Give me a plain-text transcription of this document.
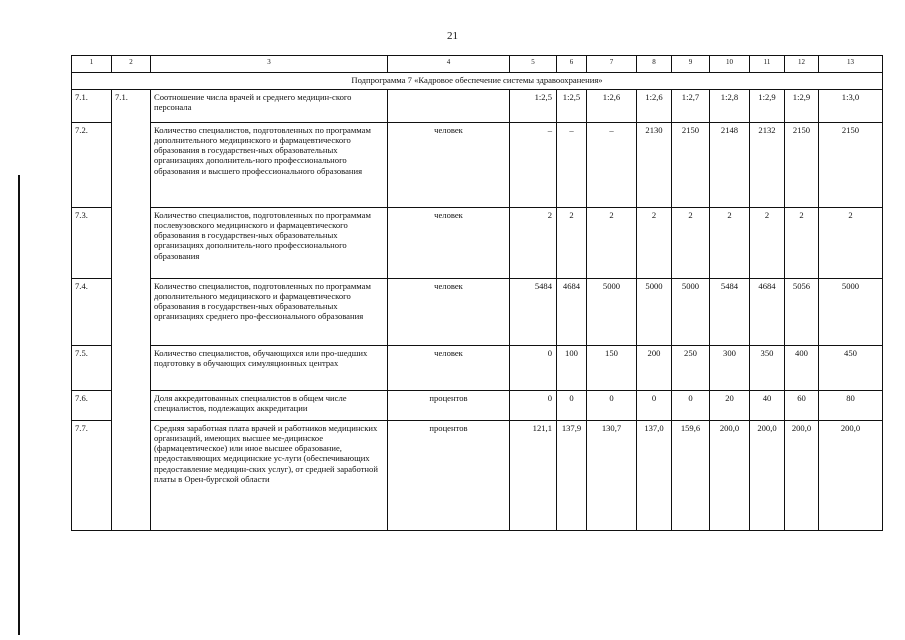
21
1	2	3	4	5	6	7	8	9	10	11	12	13
Подпрограмма 7 «Кадровое обеспечение системы здравоохранения»												
7.1.	7.1.	Соотношение числа врачей и среднего медицин-ского персонала		1:2,5	1:2,5	1:2,6	1:2,6	1:2,7	1:2,8	1:2,9	1:2,9	1:3,0
7.2.		Количество специалистов, подготовленных по программам дополнительного медицинского и фармацевтического образования в государствен-ных образовательных организациях дополнитель-ного профессионального образования и высшего профессионального образования	человек	–	–	–	2130	2150	2148	2132	2150	2150
7.3.		Количество специалистов, подготовленных по программам послевузовского медицинского и фармацевтического образования в государствен-ных образовательных организациях дополнитель-ного профессионального образования	человек	2	2	2	2	2	2	2	2	2
7.4.		Количество специалистов, подготовленных по программам дополнительного медицинского и фармацевтического образования в государствен-ных образовательных организациях среднего про-фессионального образования	человек	5484	4684	5000	5000	5000	5484	4684	5056	5000
7.5.		Количество специалистов, обучающихся или про-шедших подготовку в обучающих симуляционных центрах	человек	0	100	150	200	250	300	350	400	450
7.6.		Доля аккредитованных специалистов в общем числе специалистов, подлежащих аккредитации	процентов	0	0	0	0	0	20	40	60	80
7.7.		Средняя заработная плата врачей и работников медицинских организаций, имеющих высшее ме-дицинское (фармацевтическое) или иное высшее образование, предоставляющих медицинские ус-луги (обеспечивающих предоставление медицин-ских услуг), от средней заработной платы в Орен-бургской области	процентов	121,1	137,9	130,7	137,0	159,6	200,0	200,0	200,0	200,0
